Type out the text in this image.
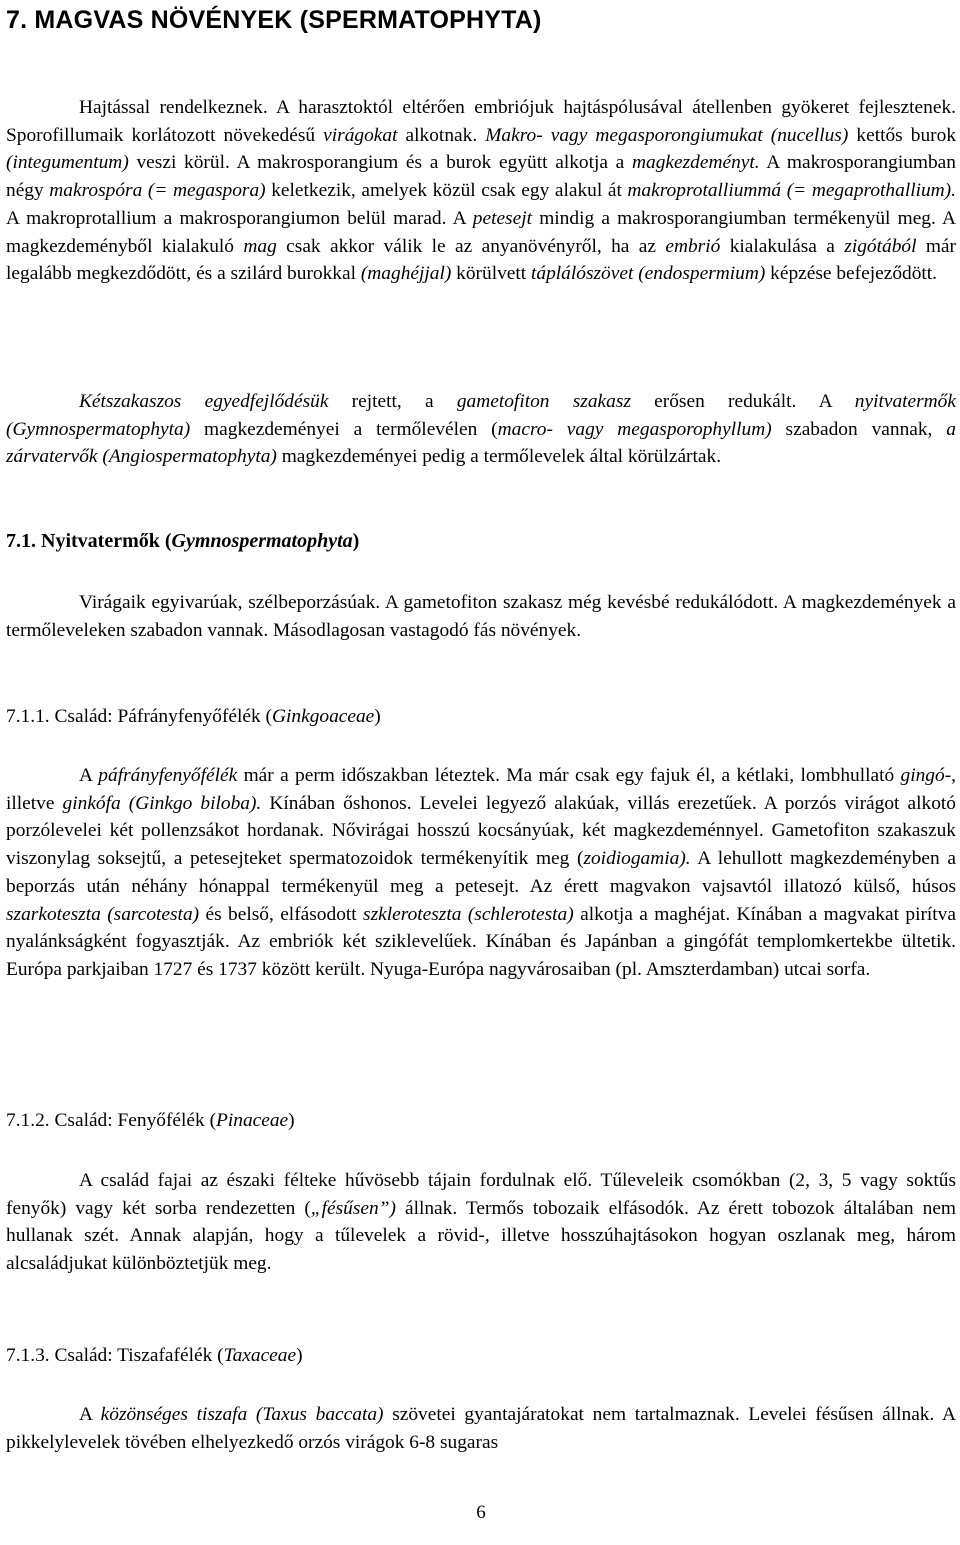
7. MAGVAS NÖVÉNYEK (SPERMATOPHYTA)

Hajtással rendelkeznek. A harasztoktól eltérően embriójuk hajtáspólusával átellenben gyökeret fejlesztenek. Sporofillumaik korlátozott növekedésű virágokat alkotnak. Makro- vagy megasporongiumukat (nucellus) kettős burok (integumentum) veszi körül. A makrosporangium és a burok együtt alkotja a magkezdeményt. A makrosporangiumban négy makrospóra (= megaspora) keletkezik, amelyek közül csak egy alakul át makroprotalliummá (= megaprothallium). A makroprotallium a makrosporangiumon belül marad. A petesejt mindig a makrosporangiumban termékenyül meg. A magkezdeményből kialakuló mag csak akkor válik le az anyanövényről, ha az embrió kialakulása a zigótából már legalább megkezdődött, és a szilárd burokkal (maghéjjal) körülvett táplálószövet (endospermium) képzése befejeződött.

Kétszakaszos egyedfejlődésük rejtett, a gametofiton szakasz erősen redukált. A nyitvatermők (Gymnospermatophyta) magkezdeményei a termőlevélen (macro- vagy megasporophyllum) szabadon vannak, a zárvatervők (Angiospermatophyta) magkezdeményei pedig a termőlevelek által körülzártak.

7.1. Nyitvatermők (Gymnospermatophyta)

Virágaik egyivarúak, szélbeporzásúak. A gametofiton szakasz még kevésbé redukálódott. A magkezdemények a termőleveleken szabadon vannak. Másodlagosan vastagodó fás növények.

7.1.1. Család: Páfrányfenyőfélék (Ginkgoaceae)

A páfrányfenyőfélék már a perm időszakban léteztek. Ma már csak egy fajuk él, a kétlaki, lombhullató gingó-, illetve ginkófa (Ginkgo biloba). Kínában őshonos. Levelei legyező alakúak, villás erezetűek. A porzós virágot alkotó porzólevelei két pollenzsákot hordanak. Nővirágai hosszú kocsányúak, két magkezdeménnyel. Gametofiton szakaszuk viszonylag soksejtű, a petesejteket spermatozoidok termékenyítik meg (zoidiogamia). A lehullott magkezdeményben a beporzás után néhány hónappal termékenyül meg a petesejt. Az érett magvakon vajsavtól illatozó külső, húsos szarkoteszta (sarcotesta) és belső, elfásodott szkleroteszta (schlerotesta) alkotja a maghéjat. Kínában a magvakat pirítva nyalánkságként fogyasztják. Az embriók két sziklevelűek. Kínában és Japánban a gingófát templomkertekbe ültetik. Európa parkjaiban 1727 és 1737 között került. Nyuga-Európa nagyvárosaiban (pl. Amszterdamban) utcai sorfa.

7.1.2. Család: Fenyőfélék (Pinaceae)

A család fajai az északi félteke hűvösebb tájain fordulnak elő. Tűleveleik csomókban (2, 3, 5 vagy soktűs fenyők) vagy két sorba rendezetten („fésűsen”) állnak. Termős tobozaik elfásodók. Az érett tobozok általában nem hullanak szét. Annak alapján, hogy a tűlevelek a rövid-, illetve hosszúhajtásokon hogyan oszlanak meg, három alcsaládjukat különböztetjük meg.

7.1.3. Család: Tiszafafélék (Taxaceae)

A közönséges tiszafa (Taxus baccata) szövetei gyantajáratokat nem tartalmaznak. Levelei fésűsen állnak. A pikkelylevelek tövében elhelyezkedő orzós virágok 6-8 sugaras

6
